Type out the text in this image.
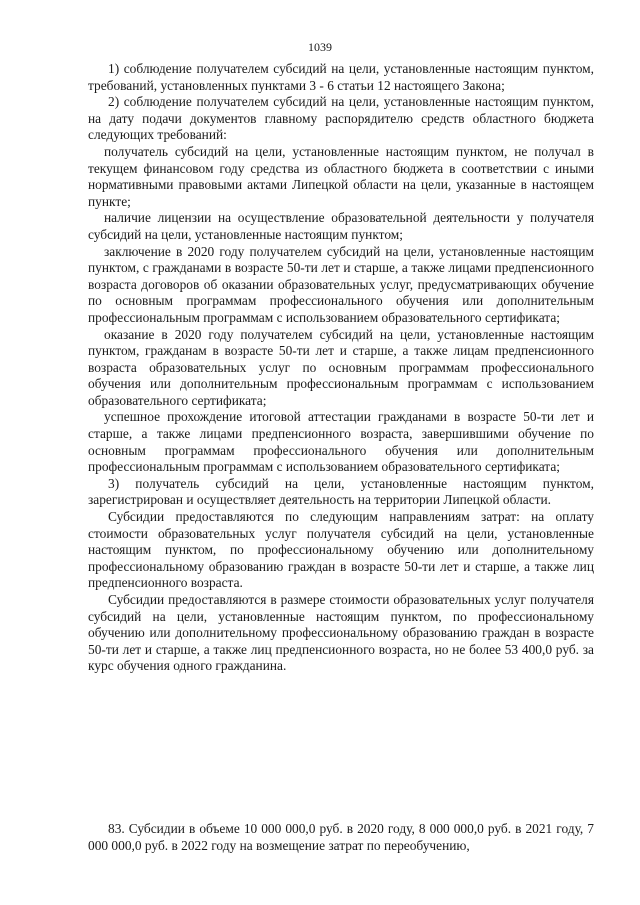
1039

1) соблюдение получателем субсидий на цели, установленные настоящим пунктом, требований, установленных пунктами 3 - 6 статьи 12 настоящего Закона;

2) соблюдение получателем субсидий на цели, установленные настоящим пунктом, на дату подачи документов главному распорядителю средств областного бюджета следующих требований:

получатель субсидий на цели, установленные настоящим пунктом, не получал в текущем финансовом году средства из областного бюджета в соответствии с иными нормативными правовыми актами Липецкой области на цели, указанные в настоящем пункте;

наличие лицензии на осуществление образовательной деятельности у получателя субсидий на цели, установленные настоящим пунктом;

заключение в 2020 году получателем субсидий на цели, установленные настоящим пунктом, с гражданами в возрасте 50-ти лет и старше, а также лицами предпенсионного возраста договоров об оказании образовательных услуг, предусматривающих обучение по основным программам профессионального обучения или дополнительным профессиональным программам с использованием образовательного сертификата;

оказание в 2020 году получателем субсидий на цели, установленные настоящим пунктом, гражданам в возрасте 50-ти лет и старше, а также лицам предпенсионного возраста образовательных услуг по основным программам профессионального обучения или дополнительным профессиональным программам с использованием образовательного сертификата;

успешное прохождение итоговой аттестации гражданами в возрасте 50-ти лет и старше, а также лицами предпенсионного возраста, завершившими обучение по основным программам профессионального обучения или дополнительным профессиональным программам с использованием образовательного сертификата;

3) получатель субсидий на цели, установленные настоящим пунктом, зарегистрирован и осуществляет деятельность на территории Липецкой области.

Субсидии предоставляются по следующим направлениям затрат: на оплату стоимости образовательных услуг получателя субсидий на цели, установленные настоящим пунктом, по профессиональному обучению или дополнительному профессиональному образованию граждан в возрасте 50-ти лет и старше, а также лиц предпенсионного возраста.

Субсидии предоставляются в размере стоимости образовательных услуг получателя субсидий на цели, установленные настоящим пунктом, по профессиональному обучению или дополнительному профессиональному образованию граждан в возрасте 50-ти лет и старше, а также лиц предпенсионного возраста, но не более 53 400,0 руб. за курс обучения одного гражданина.

83. Субсидии в объеме 10 000 000,0 руб. в 2020 году, 8 000 000,0 руб. в 2021 году, 7 000 000,0 руб. в 2022 году на возмещение затрат по переобучению,
